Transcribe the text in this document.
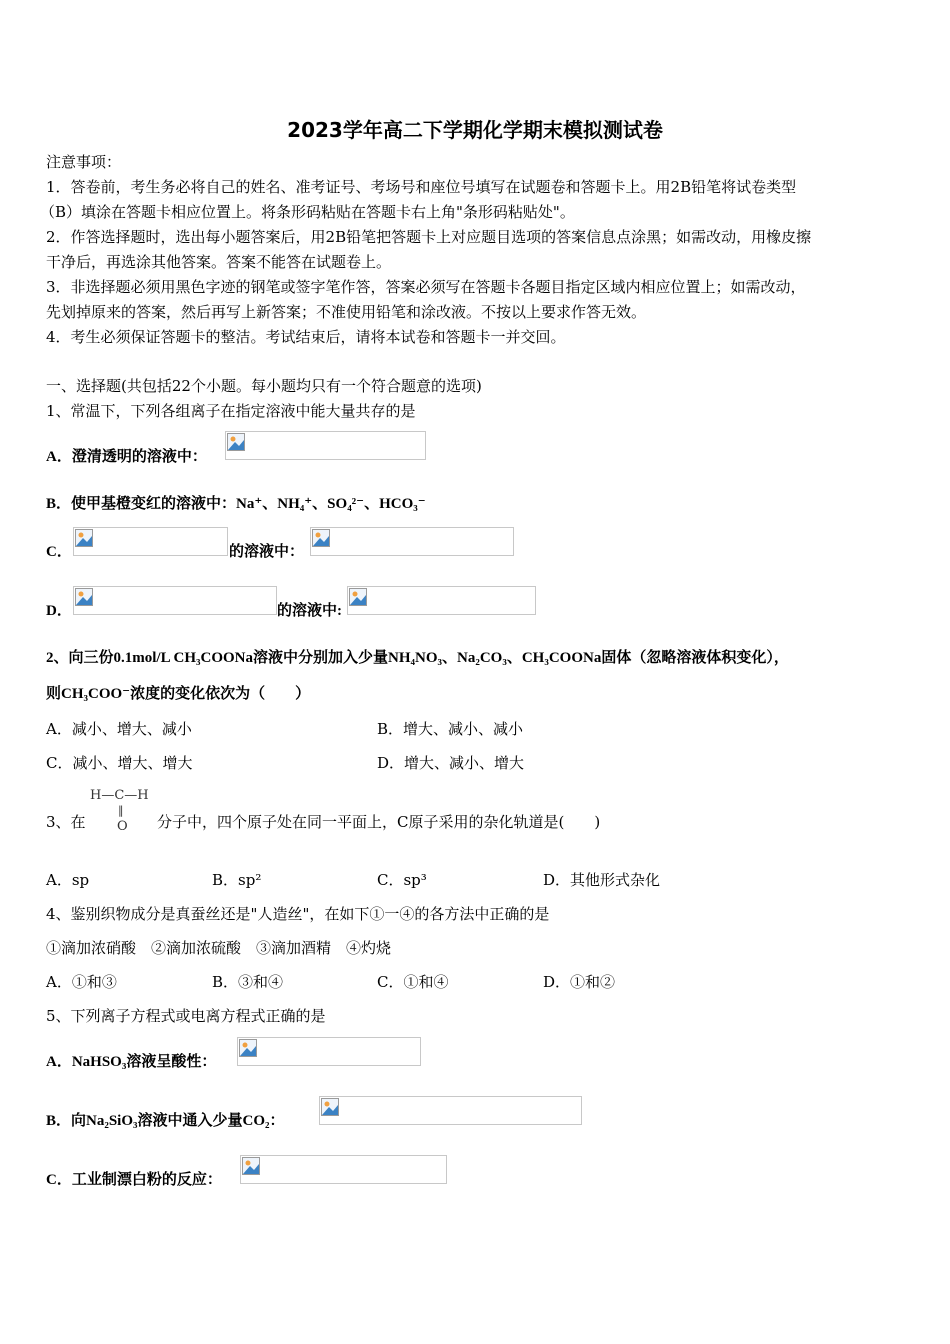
2023学年高二下学期化学期末模拟测试卷
注意事项：
1．答卷前，考生务必将自己的姓名、准考证号、考场号和座位号填写在试题卷和答题卡上。用2B铅笔将试卷类型
（B）填涂在答题卡相应位置上。将条形码粘贴在答题卡右上角"条形码粘贴处"。
2．作答选择题时，选出每小题答案后，用2B铅笔把答题卡上对应题目选项的答案信息点涂黑；如需改动，用橡皮擦
干净后，再选涂其他答案。答案不能答在试题卷上。
3．非选择题必须用黑色字迹的钢笔或签字笔作答，答案必须写在答题卡各题目指定区域内相应位置上；如需改动，
先划掉原来的答案，然后再写上新答案；不准使用铅笔和涂改液。不按以上要求作答无效。
4．考生必须保证答题卡的整洁。考试结束后，请将本试卷和答题卡一并交回。
一、选择题(共包括22个小题。每小题均只有一个符合题意的选项)
1、常温下，下列各组离子在指定溶液中能大量共存的是
A．澄清透明的溶液中：
B．使甲基橙变红的溶液中：Na⁺、NH₄⁺、SO₄²⁻、HCO₃⁻
C．	的溶液中：
D．	的溶液中:
2、向三份0.1mol/L CH₃COONa溶液中分别加入少量NH₄NO₃、Na₂CO₃、CH₃COONa固体（忽略溶液体积变化），
则CH₃COO⁻浓度的变化依次为（　　）
A．减小、增大、减小	B．增大、减小、减小
C．减小、增大、增大	D．增大、减小、增大
3、在
H—C—H
‖
O 分子中，四个原子处在同一平面上，C原子采用的杂化轨道是(　　)
A．sp	B．sp²	C．sp³	D．其他形式杂化
4、鉴别织物成分是真蚕丝还是"人造丝"，在如下①一④的各方法中正确的是
①滴加浓硝酸　②滴加浓硫酸　③滴加酒精　④灼烧
A．①和③	B．③和④	C．①和④	D．①和②
5、下列离子方程式或电离方程式正确的是
A．NaHSO₃溶液呈酸性：
B．向Na₂SiO₃溶液中通入少量CO₂：
C．工业制漂白粉的反应：
